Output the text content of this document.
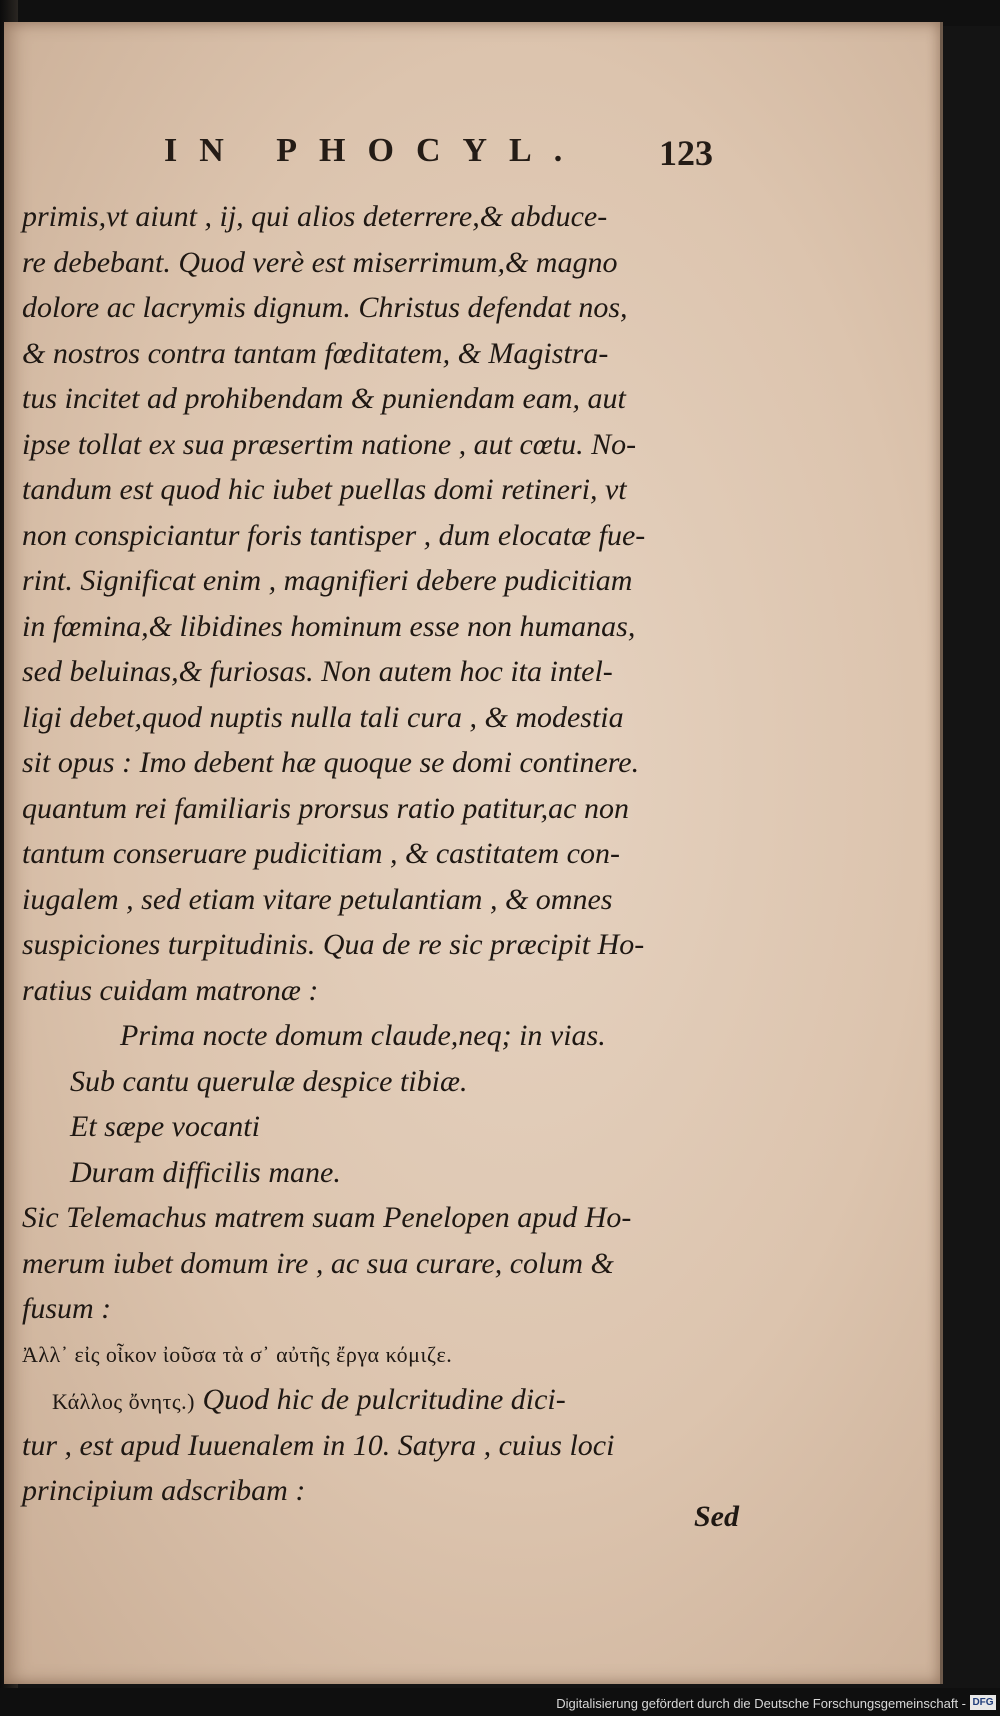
IN PHOCYL. 123
primis,vt aiunt , ij, qui alios deterrere,& abduce-
re debebant. Quod verè est miserrimum,& magno
dolore ac lacrymis dignum. Christus defendat nos,
& nostros contra tantam fœditatem, & Magistra-
tus incitet ad prohibendam & puniendam eam, aut
ipse tollat ex sua præsertim natione , aut cœtu. No-
tandum est quod hic iubet puellas domi retineri, vt
non conspiciantur foris tantisper , dum elocatæ fue-
rint. Significat enim , magnifieri debere pudicitiam
in fœmina,& libidines hominum esse non humanas,
sed beluinas,& furiosas. Non autem hoc ita intel-
ligi debet,quod nuptis nulla tali cura , & modestia
sit opus : Imo debent hæ quoque se domi continere.
quantum rei familiaris prorsus ratio patitur,ac non
tantum conseruare pudicitiam , & castitatem con-
iugalem , sed etiam vitare petulantiam , & omnes
suspiciones turpitudinis. Qua de re sic præcipit Ho-
ratius cuidam matronæ :
Prima nocte domum claude,neq; in vias.
Sub cantu querulæ despice tibiæ.
Et sæpe vocanti
Duram difficilis mane.
Sic Telemachus matrem suam Penelopen apud Ho-
merum iubet domum ire , ac sua curare, colum &
fusum :
Ἀλλ᾽ εἰς οἶκον ἰοῦσα τὰ σ᾽ αὐτῆς ἔργα κόμιζε.
Κάλλος ὄνητς.) Quod hic de pulcritudine dici-
tur , est apud Iuuenalem in 10. Satyra , cuius loci
principium adscribam :
Sed
Digitalisierung gefördert durch die Deutsche Forschungsgemeinschaft - DFG
